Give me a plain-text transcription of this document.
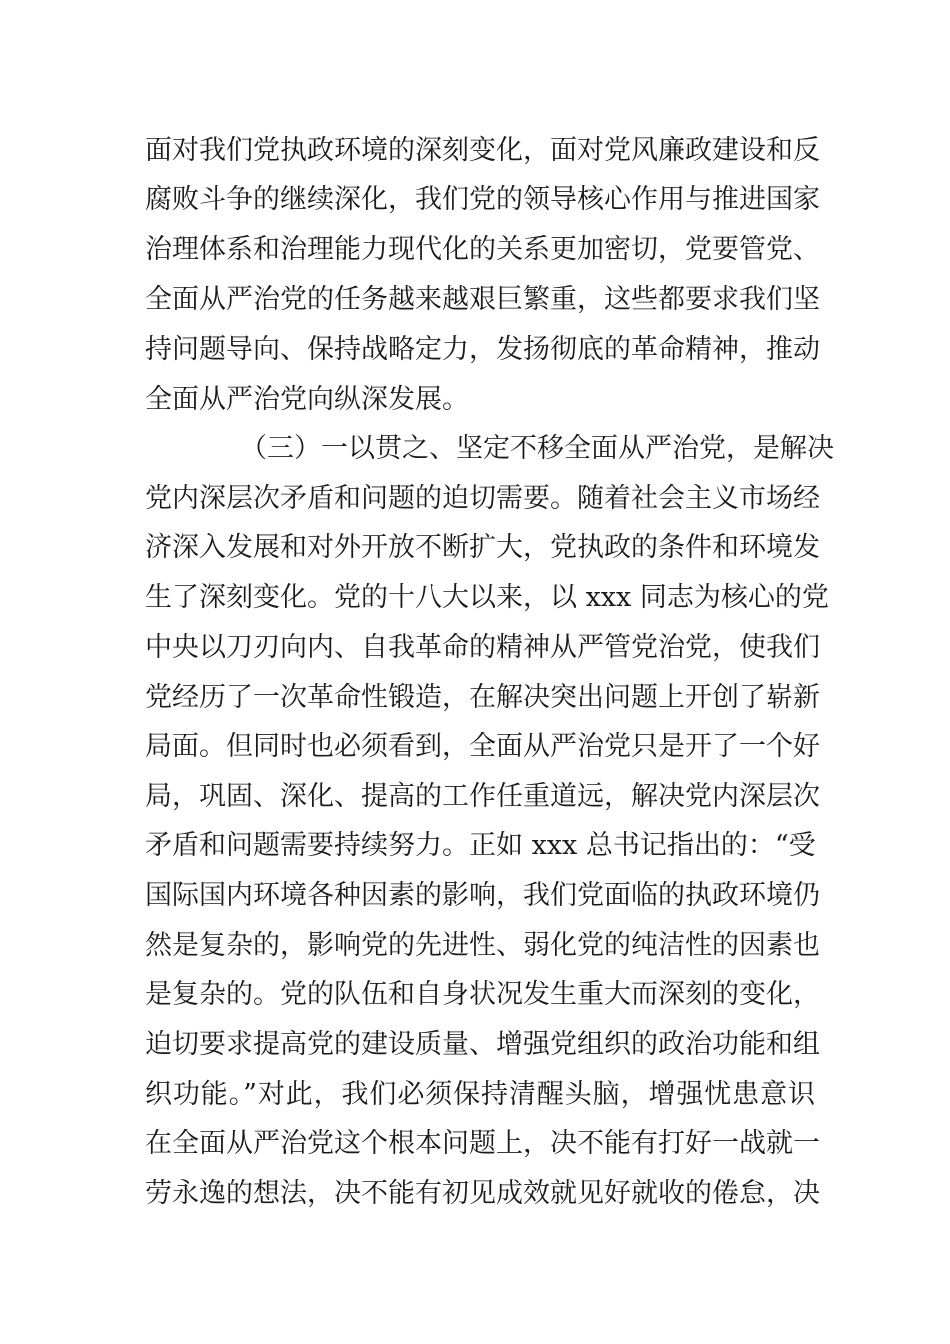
面对我们党执政环境的深刻变化，面对党风廉政建设和反
腐败斗争的继续深化，我们党的领导核心作用与推进国家
治理体系和治理能力现代化的关系更加密切，党要管党、
全面从严治党的任务越来越艰巨繁重，这些都要求我们坚
持问题导向、保持战略定力，发扬彻底的革命精神，推动
全面从严治党向纵深发展。
（三）一以贯之、坚定不移全面从严治党，是解决
党内深层次矛盾和问题的迫切需要。随着社会主义市场经
济深入发展和对外开放不断扩大，党执政的条件和环境发
生了深刻变化。党的十八大以来，以 xxx 同志为核心的党
中央以刀刃向内、自我革命的精神从严管党治党，使我们
党经历了一次革命性锻造，在解决突出问题上开创了崭新
局面。但同时也必须看到，全面从严治党只是开了一个好
局，巩固、深化、提高的工作任重道远，解决党内深层次
矛盾和问题需要持续努力。正如 xxx 总书记指出的：“受
国际国内环境各种因素的影响，我们党面临的执政环境仍
然是复杂的，影响党的先进性、弱化党的纯洁性的因素也
是复杂的。党的队伍和自身状况发生重大而深刻的变化，
迫切要求提高党的建设质量、增强党组织的政治功能和组
织功能。”对此，我们必须保持清醒头脑，增强忧患意识
在全面从严治党这个根本问题上，决不能有打好一战就一
劳永逸的想法，决不能有初见成效就见好就收的倦怠，决
